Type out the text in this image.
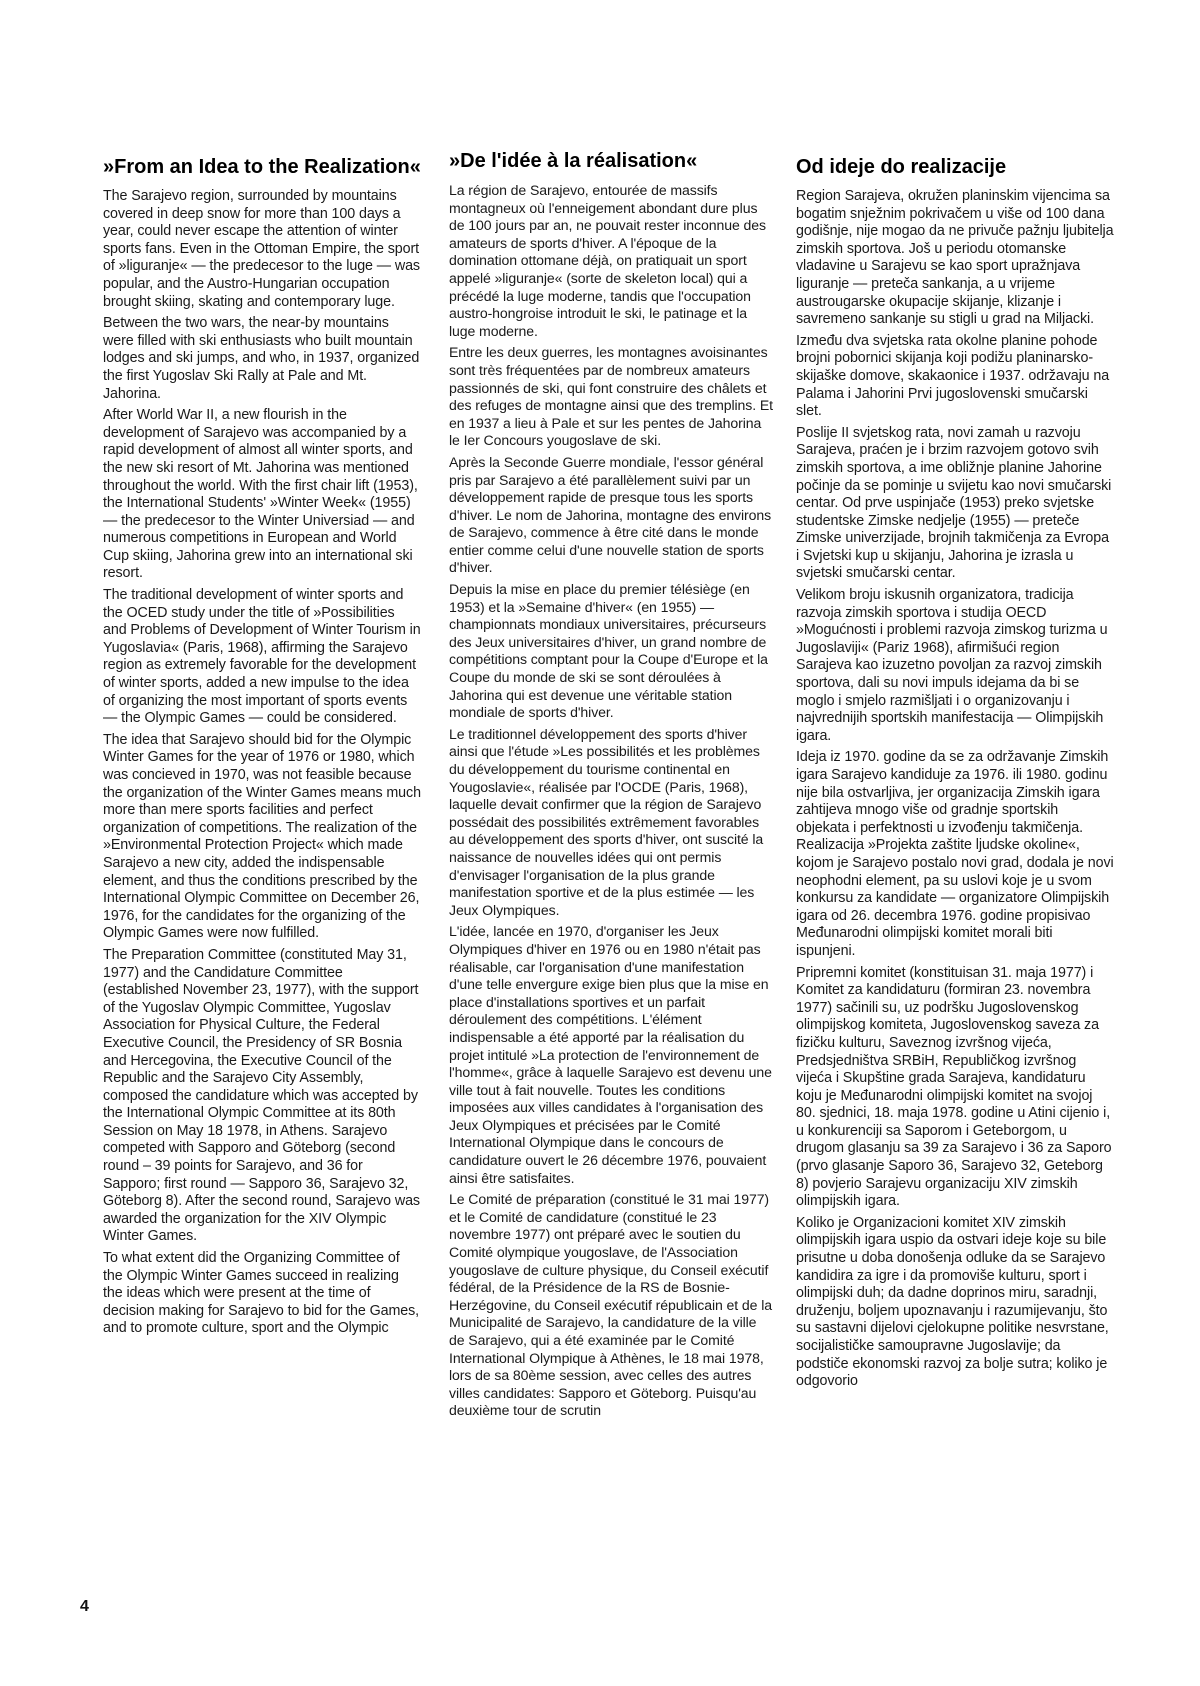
»From an Idea to the Realization«

The Sarajevo region, surrounded by mountains covered in deep snow for more than 100 days a year, could never escape the attention of winter sports fans. Even in the Ottoman Empire, the sport of »liguranje« — the predecesor to the luge — was popular, and the Austro-Hungarian occupation brought skiing, skating and contemporary luge.

Between the two wars, the near-by mountains were filled with ski enthusiasts who built mountain lodges and ski jumps, and who, in 1937, organized the first Yugoslav Ski Rally at Pale and Mt. Jahorina.

After World War II, a new flourish in the development of Sarajevo was accompanied by a rapid development of almost all winter sports, and the new ski resort of Mt. Jahorina was mentioned throughout the world. With the first chair lift (1953), the International Students' »Winter Week« (1955) — the predecesor to the Winter Universiad — and numerous competitions in European and World Cup skiing, Jahorina grew into an international ski resort.

The traditional development of winter sports and the OCED study under the title of »Possibilities and Problems of Development of Winter Tourism in Yugoslavia« (Paris, 1968), affirming the Sarajevo region as extremely favorable for the development of winter sports, added a new impulse to the idea of organizing the most important of sports events — the Olympic Games — could be considered.

The idea that Sarajevo should bid for the Olympic Winter Games for the year of 1976 or 1980, which was concieved in 1970, was not feasible because the organization of the Winter Games means much more than mere sports facilities and perfect organization of competitions. The realization of the »Environmental Protection Project« which made Sarajevo a new city, added the indispensable element, and thus the conditions prescribed by the International Olympic Committee on December 26, 1976, for the candidates for the organizing of the Olympic Games were now fulfilled.

The Preparation Committee (constituted May 31, 1977) and the Candidature Committee (established November 23, 1977), with the support of the Yugoslav Olympic Committee, Yugoslav Association for Physical Culture, the Federal Executive Council, the Presidency of SR Bosnia and Hercegovina, the Executive Council of the Republic and the Sarajevo City Assembly, composed the candidature which was accepted by the International Olympic Committee at its 80th Session on May 18 1978, in Athens. Sarajevo competed with Sapporo and Göteborg (second round – 39 points for Sarajevo, and 36 for Sapporo; first round — Sapporo 36, Sarajevo 32, Göteborg 8). After the second round, Sarajevo was awarded the organization for the XIV Olympic Winter Games.

To what extent did the Organizing Committee of the Olympic Winter Games succeed in realizing the ideas which were present at the time of decision making for Sarajevo to bid for the Games, and to promote culture, sport and the Olympic

»De l'idée à la réalisation«

La région de Sarajevo, entourée de massifs montagneux où l'enneigement abondant dure plus de 100 jours par an, ne pouvait rester inconnue des amateurs de sports d'hiver. A l'époque de la domination ottomane déjà, on pratiquait un sport appelé »liguranje« (sorte de skeleton local) qui a précédé la luge moderne, tandis que l'occupation austro-hongroise introduit le ski, le patinage et la luge moderne.

Entre les deux guerres, les montagnes avoisinantes sont très fréquentées par de nombreux amateurs passionnés de ski, qui font construire des châlets et des refuges de montagne ainsi que des tremplins. Et en 1937 a lieu à Pale et sur les pentes de Jahorina le Ier Concours yougoslave de ski.

Après la Seconde Guerre mondiale, l'essor général pris par Sarajevo a été parallèlement suivi par un développement rapide de presque tous les sports d'hiver. Le nom de Jahorina, montagne des environs de Sarajevo, commence à être cité dans le monde entier comme celui d'une nouvelle station de sports d'hiver.

Depuis la mise en place du premier télésiège (en 1953) et la »Semaine d'hiver« (en 1955) — championnats mondiaux universitaires, précurseurs des Jeux universitaires d'hiver, un grand nombre de compétitions comptant pour la Coupe d'Europe et la Coupe du monde de ski se sont déroulées à Jahorina qui est devenue une véritable station mondiale de sports d'hiver.

Le traditionnel développement des sports d'hiver ainsi que l'étude »Les possibilités et les problèmes du développement du tourisme continental en Yougoslavie«, réalisée par l'OCDE (Paris, 1968), laquelle devait confirmer que la région de Sarajevo possédait des possibilités extrêmement favorables au développement des sports d'hiver, ont suscité la naissance de nouvelles idées qui ont permis d'envisager l'organisation de la plus grande manifestation sportive et de la plus estimée — les Jeux Olympiques.

L'idée, lancée en 1970, d'organiser les Jeux Olympiques d'hiver en 1976 ou en 1980 n'était pas réalisable, car l'organisation d'une manifestation d'une telle envergure exige bien plus que la mise en place d'installations sportives et un parfait déroulement des compétitions. L'élément indispensable a été apporté par la réalisation du projet intitulé »La protection de l'environnement de l'homme«, grâce à laquelle Sarajevo est devenu une ville tout à fait nouvelle. Toutes les conditions imposées aux villes candidates à l'organisation des Jeux Olympiques et précisées par le Comité International Olympique dans le concours de candidature ouvert le 26 décembre 1976, pouvaient ainsi être satisfaites.

Le Comité de préparation (constitué le 31 mai 1977) et le Comité de candidature (constitué le 23 novembre 1977) ont préparé avec le soutien du Comité olympique yougoslave, de l'Association yougoslave de culture physique, du Conseil exécutif fédéral, de la Présidence de la RS de Bosnie-Herzégovine, du Conseil exécutif républicain et de la Municipalité de Sarajevo, la candidature de la ville de Sarajevo, qui a été examinée par le Comité International Olympique à Athènes, le 18 mai 1978, lors de sa 80ème session, avec celles des autres villes candidates: Sapporo et Göteborg. Puisqu'au deuxième tour de scrutin

Od ideje do realizacije

Region Sarajeva, okružen planinskim vijencima sa bogatim snježnim pokrivačem u više od 100 dana godišnje, nije mogao da ne privuče pažnju ljubitelja zimskih sportova. Još u periodu otomanske vladavine u Sarajevu se kao sport upražnjava liguranje — preteča sankanja, a u vrijeme austrougarske okupacije skijanje, klizanje i savremeno sankanje su stigli u grad na Miljacki.

Između dva svjetska rata okolne planine pohode brojni pobornici skijanja koji podižu planinarsko-skijaške domove, skakaonice i 1937. održavaju na Palama i Jahorini Prvi jugoslovenski smučarski slet.

Poslije II svjetskog rata, novi zamah u razvoju Sarajeva, praćen je i brzim razvojem gotovo svih zimskih sportova, a ime obližnje planine Jahorine počinje da se pominje u svijetu kao novi smučarski centar. Od prve uspinjače (1953) preko svjetske studentske Zimske nedjelje (1955) — preteče Zimske univerzijade, brojnih takmičenja za Evropa i Svjetski kup u skijanju, Jahorina je izrasla u svjetski smučarski centar.

Velikom broju iskusnih organizatora, tradicija razvoja zimskih sportova i studija OECD »Mogućnosti i problemi razvoja zimskog turizma u Jugoslaviji« (Pariz 1968), afirmišući region Sarajeva kao izuzetno povoljan za razvoj zimskih sportova, dali su novi impuls idejama da bi se moglo i smjelo razmišljati i o organizovanju i najvrednijih sportskih manifestacija — Olimpijskih igara.

Ideja iz 1970. godine da se za održavanje Zimskih igara Sarajevo kandiduje za 1976. ili 1980. godinu nije bila ostvarljiva, jer organizacija Zimskih igara zahtijeva mnogo više od gradnje sportskih objekata i perfektnosti u izvođenju takmičenja. Realizacija »Projekta zaštite ljudske okoline«, kojom je Sarajevo postalo novi grad, dodala je novi neophodni element, pa su uslovi koje je u svom konkursu za kandidate — organizatore Olimpijskih igara od 26. decembra 1976. godine propisivao Međunarodni olimpijski komitet morali biti ispunjeni.

Pripremni komitet (konstituisan 31. maja 1977) i Komitet za kandidaturu (formiran 23. novembra 1977) sačinili su, uz podršku Jugoslovenskog olimpijskog komiteta, Jugoslovenskog saveza za fizičku kulturu, Saveznog izvršnog vijeća, Predsjedništva SRBiH, Republičkog izvršnog vijeća i Skupštine grada Sarajeva, kandidaturu koju je Međunarodni olimpijski komitet na svojoj 80. sjednici, 18. maja 1978. godine u Atini cijenio i, u konkurenciji sa Saporom i Geteborgom, u drugom glasanju sa 39 za Sarajevo i 36 za Saporo (prvo glasanje Saporo 36, Sarajevo 32, Geteborg 8) povjerio Sarajevu organizaciju XIV zimskih olimpijskih igara.

Koliko je Organizacioni komitet XIV zimskih olimpijskih igara uspio da ostvari ideje koje su bile prisutne u doba donošenja odluke da se Sarajevo kandidira za igre i da promoviše kulturu, sport i olimpijski duh; da dadne doprinos miru, saradnji, druženju, boljem upoznavanju i razumijevanju, što su sastavni dijelovi cjelokupne politike nesvrstane, socijalističke samoupravne Jugoslavije; da podstiče ekonomski razvoj za bolje sutra; koliko je odgovorio

4
